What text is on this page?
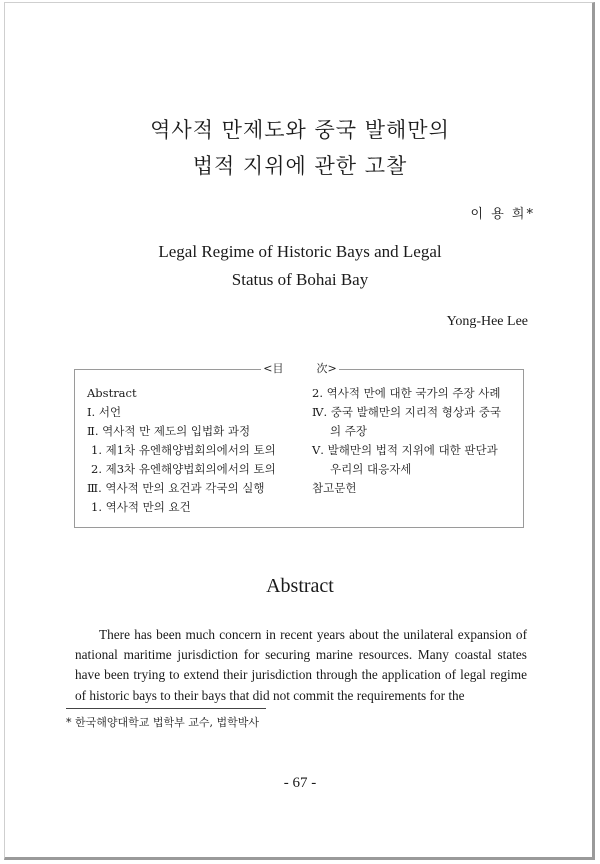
역사적 만제도와 중국 발해만의
법적 지위에 관한 고찰
이 용 희*
Legal Regime of Historic Bays and Legal
Status of Bohai Bay
Yong-Hee Lee
<目　　　次>
Abstract
Ⅰ. 서언
Ⅱ. 역사적 만 제도의 입법화 과정
1. 제1차 유엔해양법회의에서의 토의
2. 제3차 유엔해양법회의에서의 토의
Ⅲ. 역사적 만의 요건과 각국의 실행
1. 역사적 만의 요건
2. 역사적 만에 대한 국가의 주장 사례
Ⅳ. 중국 발해만의 지리적 형상과 중국
의 주장
Ⅴ. 발해만의 법적 지위에 대한 판단과
우리의 대응자세
참고문헌
Abstract
There has been much concern in recent years about the unilateral expansion of national maritime jurisdiction for securing marine resources. Many coastal states have been trying to extend their jurisdiction through the application of legal regime of historic bays to their bays that did not commit the requirements for the
* 한국해양대학교 법학부 교수, 법학박사
- 67 -
